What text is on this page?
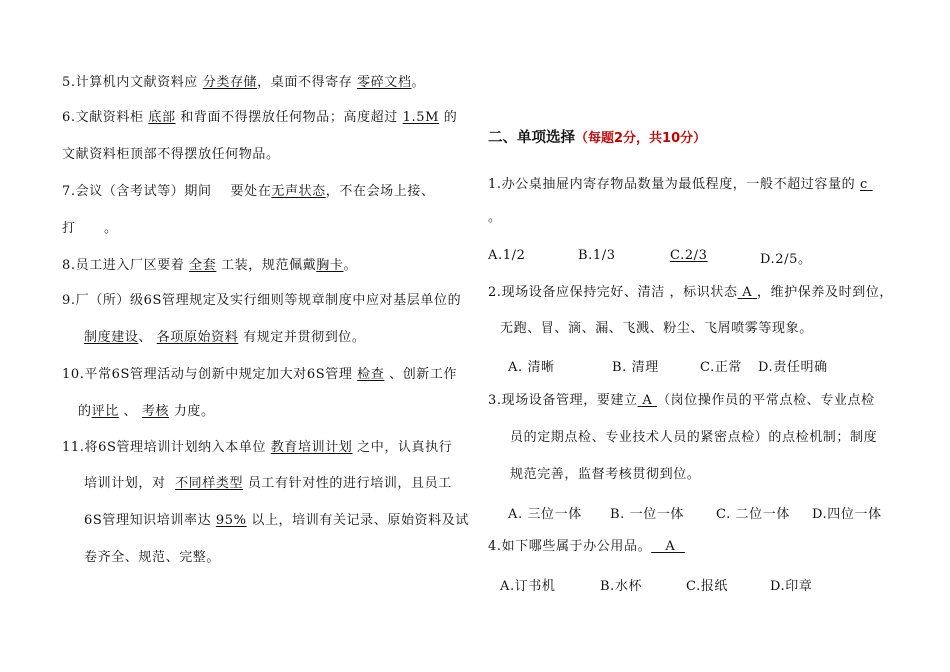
5.计算机内文献资料应 分类存储，桌面不得寄存 零碎文档。
6.文献资料柜 底部 和背面不得摆放任何物品；高度超过 1.5M 的
文献资料柜顶部不得摆放任何物品。
7.会议（含考试等）期间 要处在无声状态，不在会场上接、
打 。
8.员工进入厂区要着 全套 工装，规范佩戴胸卡。
9.厂（所）级6S管理规定及实行细则等规章制度中应对基层单位的
制度建设、 各项原始资料 有规定并贯彻到位。
10.平常6S管理活动与创新中规定加大对6S管理 检查 、创新工作
的评比 、 考核 力度。
11.将6S管理培训计划纳入本单位 教育培训计划 之中，认真执行
培训计划，对 不同样类型 员工有针对性的进行培训，且员工
6S管理知识培训率达 95% 以上，培训有关记录、原始资料及试
卷齐全、规范、完整。
二、单项选择（每题2分，共10分）
1.办公桌抽屉内寄存物品数量为最低程度，一般不超过容量的 c
。
A.1/2	B.1/3	C.2/3	D.2/5。
2.现场设备应保持完好、清洁 ，标识状态 A ，维护保养及时到位，
无跑、冒、滴、漏、飞溅、粉尘、飞屑喷雾等现象。
A. 清晰	B. 清理	C.正常 D.责任明确
3.现场设备管理，要建立 A （岗位操作员的平常点检、专业点检
员的定期点检、专业技术人员的紧密点检）的点检机制；制度
规范完善，监督考核贯彻到位。
A. 三位一体 B. 一位一体 C. 二位一体 D.四位一体
4.如下哪些属于办公用品。 A
A.订书机	B.水杯	C.报纸	D.印章
